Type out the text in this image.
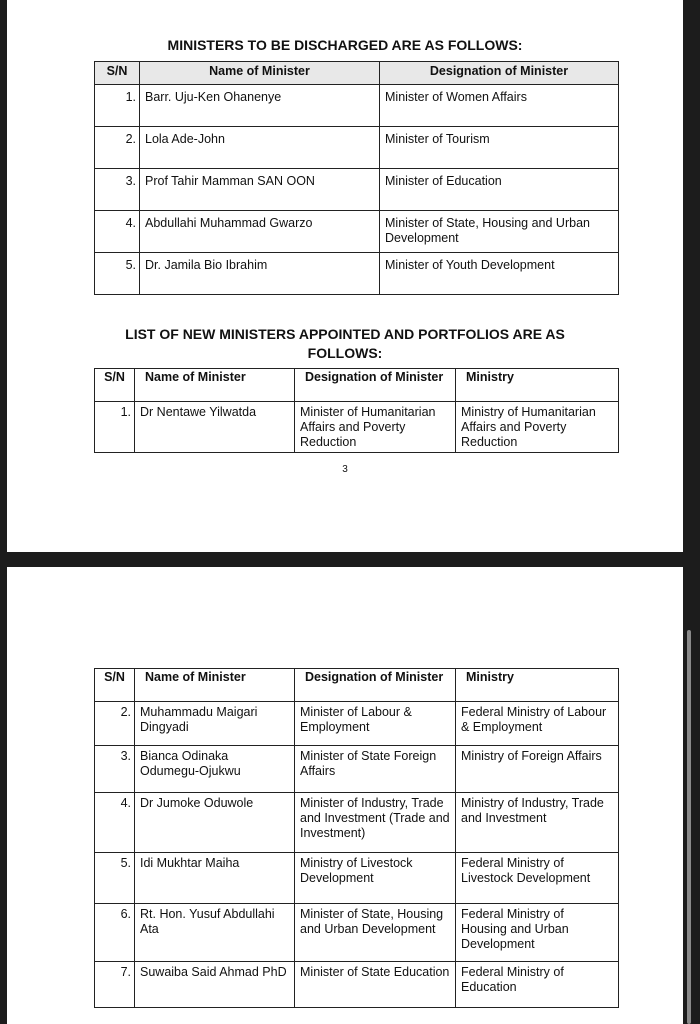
MINISTERS TO BE DISCHARGED ARE AS FOLLOWS:
S/N	Name of Minister	Designation of Minister
1.	Barr. Uju-Ken Ohanenye	Minister of Women Affairs
2.	Lola Ade-John	Minister of Tourism
3.	Prof Tahir Mamman SAN OON	Minister of Education
4.	Abdullahi Muhammad Gwarzo	Minister of State, Housing and Urban Development
5.	Dr. Jamila Bio Ibrahim	Minister of Youth Development
LIST OF NEW MINISTERS APPOINTED AND PORTFOLIOS ARE AS
FOLLOWS:
S/N	Name of Minister	Designation of Minister	Ministry
1.	Dr Nentawe Yilwatda	Minister of Humanitarian Affairs and Poverty Reduction	Ministry of Humanitarian Affairs and Poverty Reduction
3
S/N	Name of Minister	Designation of Minister	Ministry
2.	Muhammadu Maigari Dingyadi	Minister of Labour & Employment	Federal Ministry of Labour & Employment
3.	Bianca Odinaka Odumegu-Ojukwu	Minister of State Foreign Affairs	Ministry of Foreign Affairs
4.	Dr Jumoke Oduwole	Minister of Industry, Trade and Investment (Trade and Investment)	Ministry of Industry, Trade and Investment
5.	Idi Mukhtar Maiha	Ministry of Livestock Development	Federal Ministry of Livestock Development
6.	Rt. Hon. Yusuf Abdullahi Ata	Minister of State, Housing and Urban Development	Federal Ministry of Housing and Urban Development
7.	Suwaiba Said Ahmad PhD	Minister of State Education	Federal Ministry of Education
